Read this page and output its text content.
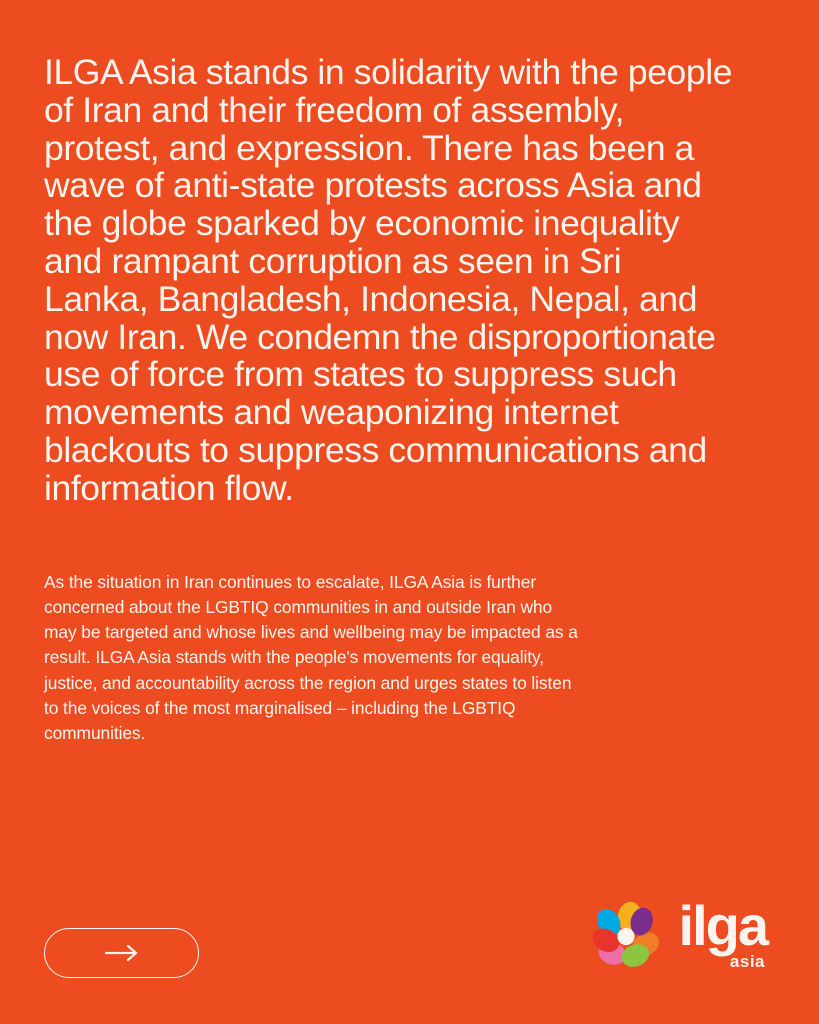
ILGA Asia stands in solidarity with the people of Iran and their freedom of assembly, protest, and expression. There has been a wave of anti-state protests across Asia and the globe sparked by economic inequality and rampant corruption as seen in Sri Lanka, Bangladesh, Indonesia, Nepal, and now Iran. We condemn the disproportionate use of force from states to suppress such movements and weaponizing internet blackouts to suppress communications and information flow.

As the situation in Iran continues to escalate, ILGA Asia is further concerned about the LGBTIQ communities in and outside Iran who may be targeted and whose lives and wellbeing may be impacted as a result. ILGA Asia stands with the people's movements for equality, justice, and accountability across the region and urges states to listen to the voices of the most marginalised – including the LGBTIQ communities.

ilga
asia
